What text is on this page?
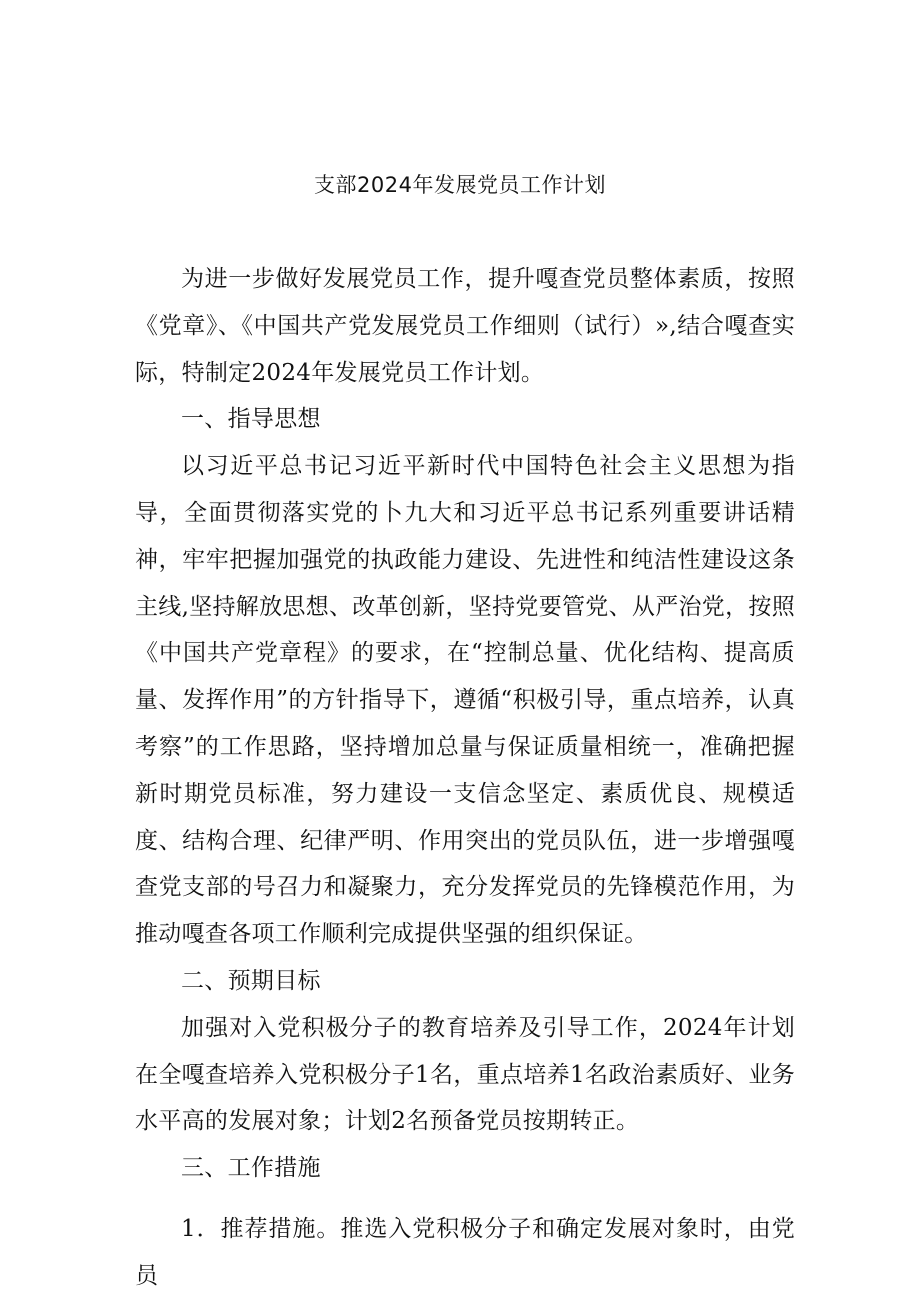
支部2024年发展党员工作计划

为进一步做好发展党员工作，提升嘎查党员整体素质，按照《党章》、《中国共产党发展党员工作细则（试行）»,结合嘎查实际，特制定2024年发展党员工作计划。

一、指导思想

以习近平总书记习近平新时代中国特色社会主义思想为指导，全面贯彻落实党的卜九大和习近平总书记系列重要讲话精神，牢牢把握加强党的执政能力建设、先进性和纯洁性建设这条主线,坚持解放思想、改革创新，坚持党要管党、从严治党，按照《中国共产党章程》的要求，在“控制总量、优化结构、提高质量、发挥作用”的方针指导下，遵循“积极引导，重点培养，认真考察”的工作思路，坚持增加总量与保证质量相统一，准确把握新时期党员标准，努力建设一支信念坚定、素质优良、规模适度、结构合理、纪律严明、作用突出的党员队伍，进一步增强嘎查党支部的号召力和凝聚力，充分发挥党员的先锋模范作用，为推动嘎查各项工作顺利完成提供坚强的组织保证。

二、预期目标

加强对入党积极分子的教育培养及引导工作，2024年计划在全嘎查培养入党积极分子1名，重点培养1名政治素质好、业务水平高的发展对象；计划2名预备党员按期转正。

三、工作措施

1．推荐措施。推选入党积极分子和确定发展对象时，由党员
